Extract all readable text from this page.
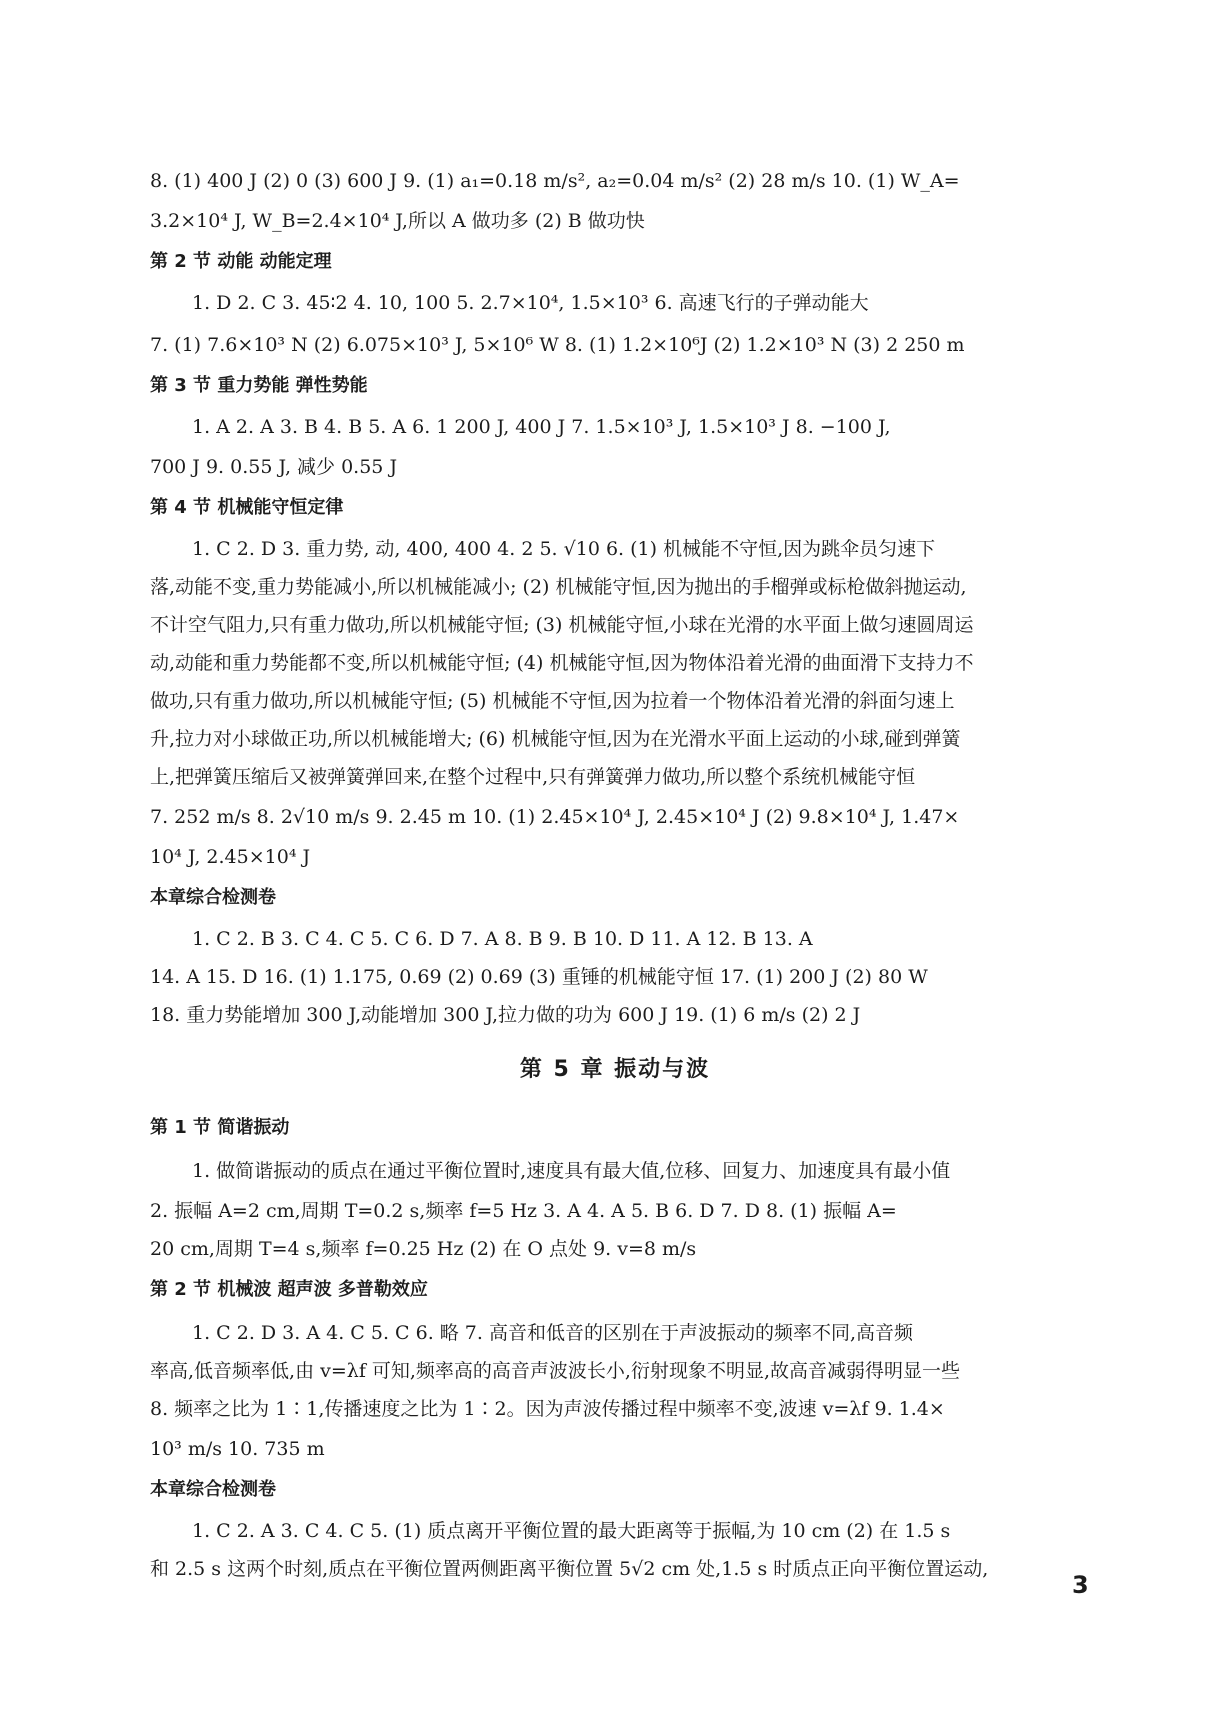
8. (1) 400 J (2) 0 (3) 600 J 9. (1) a₁=0.18 m/s², a₂=0.04 m/s² (2) 28 m/s 10. (1) W_A=
3.2×10⁴ J, W_B=2.4×10⁴ J,所以 A 做功多 (2) B 做功快
第 2 节 动能 动能定理
1. D 2. C 3. 45∶2 4. 10, 100 5. 2.7×10⁴, 1.5×10³ 6. 高速飞行的子弹动能大
7. (1) 7.6×10³ N (2) 6.075×10³ J, 5×10⁶ W 8. (1) 1.2×10⁶J (2) 1.2×10³ N (3) 2 250 m
第 3 节 重力势能 弹性势能
1. A 2. A 3. B 4. B 5. A 6. 1 200 J, 400 J 7. 1.5×10³ J, 1.5×10³ J 8. −100 J,
700 J 9. 0.55 J, 减少 0.55 J
第 4 节 机械能守恒定律
1. C 2. D 3. 重力势, 动, 400, 400 4. 2 5. √10 6. (1) 机械能不守恒,因为跳伞员匀速下
落,动能不变,重力势能减小,所以机械能减小; (2) 机械能守恒,因为抛出的手榴弹或标枪做斜抛运动,
不计空气阻力,只有重力做功,所以机械能守恒; (3) 机械能守恒,小球在光滑的水平面上做匀速圆周运
动,动能和重力势能都不变,所以机械能守恒; (4) 机械能守恒,因为物体沿着光滑的曲面滑下支持力不
做功,只有重力做功,所以机械能守恒; (5) 机械能不守恒,因为拉着一个物体沿着光滑的斜面匀速上
升,拉力对小球做正功,所以机械能增大; (6) 机械能守恒,因为在光滑水平面上运动的小球,碰到弹簧
上,把弹簧压缩后又被弹簧弹回来,在整个过程中,只有弹簧弹力做功,所以整个系统机械能守恒
7. 252 m/s 8. 2√10 m/s 9. 2.45 m 10. (1) 2.45×10⁴ J, 2.45×10⁴ J (2) 9.8×10⁴ J, 1.47×
10⁴ J, 2.45×10⁴ J
本章综合检测卷
1. C 2. B 3. C 4. C 5. C 6. D 7. A 8. B 9. B 10. D 11. A 12. B 13. A
14. A 15. D 16. (1) 1.175, 0.69 (2) 0.69 (3) 重锤的机械能守恒 17. (1) 200 J (2) 80 W
18. 重力势能增加 300 J,动能增加 300 J,拉力做的功为 600 J 19. (1) 6 m/s (2) 2 J
第 5 章 振动与波
第 1 节 简谐振动
1. 做简谐振动的质点在通过平衡位置时,速度具有最大值,位移、回复力、加速度具有最小值
2. 振幅 A=2 cm,周期 T=0.2 s,频率 f=5 Hz 3. A 4. A 5. B 6. D 7. D 8. (1) 振幅 A=
20 cm,周期 T=4 s,频率 f=0.25 Hz (2) 在 O 点处 9. v=8 m/s
第 2 节 机械波 超声波 多普勒效应
1. C 2. D 3. A 4. C 5. C 6. 略 7. 高音和低音的区别在于声波振动的频率不同,高音频
率高,低音频率低,由 v=λf 可知,频率高的高音声波波长小,衍射现象不明显,故高音减弱得明显一些
8. 频率之比为 1∶1,传播速度之比为 1∶2。因为声波传播过程中频率不变,波速 v=λf 9. 1.4×
10³ m/s 10. 735 m
本章综合检测卷
1. C 2. A 3. C 4. C 5. (1) 质点离开平衡位置的最大距离等于振幅,为 10 cm (2) 在 1.5 s
和 2.5 s 这两个时刻,质点在平衡位置两侧距离平衡位置 5√2 cm 处,1.5 s 时质点正向平衡位置运动,
3
